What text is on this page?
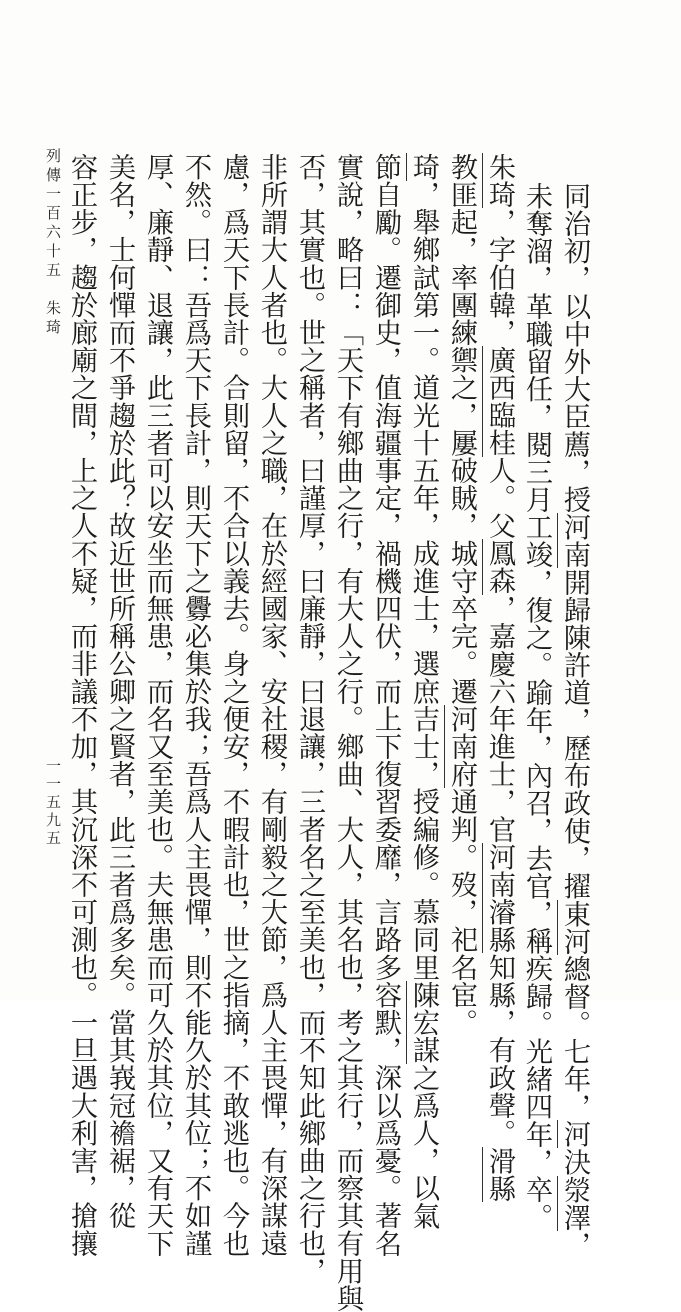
同治初，以中外大臣薦，授河南開歸陳許道，歷布政使，擢東河總督。七年，河決滎澤，
未奪溜，革職留任，閱三月工竣，復之。踰年，內召，去官，稱疾歸。光緒四年，卒。
朱琦，字伯韓，廣西臨桂人。父鳳森，嘉慶六年進士，官河南濬縣知縣，有政聲。滑縣
教匪起，率團練禦之，屢破賊，城守卒完。遷河南府通判。歿，祀名宦。
琦，舉鄉試第一。道光十五年，成進士，選庶吉士，授編修。慕同里陳宏謀之爲人，以氣
節自勵。遷御史，值海疆事定，禍機四伏，而上下復習委靡，言路多容默，深以爲憂。著名
實說，略曰：「天下有鄉曲之行，有大人之行。鄉曲、大人，其名也，考之其行，而察其有用與
否，其實也。世之稱者，曰謹厚，曰廉靜，曰退讓，三者名之至美也，而不知此鄉曲之行也，
非所謂大人者也。大人之職，在於經國家、安社稷，有剛毅之大節，爲人主畏憚，有深謀遠
慮，爲天下長計。合則留，不合以義去。身之便安，不暇計也，世之指摘，不敢逃也。今也
不然。曰：吾爲天下長計，則天下之釁必集於我；吾爲人主畏憚，則不能久於其位；不如謹
厚、廉靜、退讓，此三者可以安坐而無患，而名又至美也。夫無患而可久於其位，又有天下
美名，士何憚而不爭趨於此？故近世所稱公卿之賢者，此三者爲多矣。當其峩冠襜裾，從
容正步，趨於廊廟之間，上之人不疑，而非議不加，其沉深不可測也。一旦遇大利害，搶攘
列傳一百六十五　朱琦
一一五九五
